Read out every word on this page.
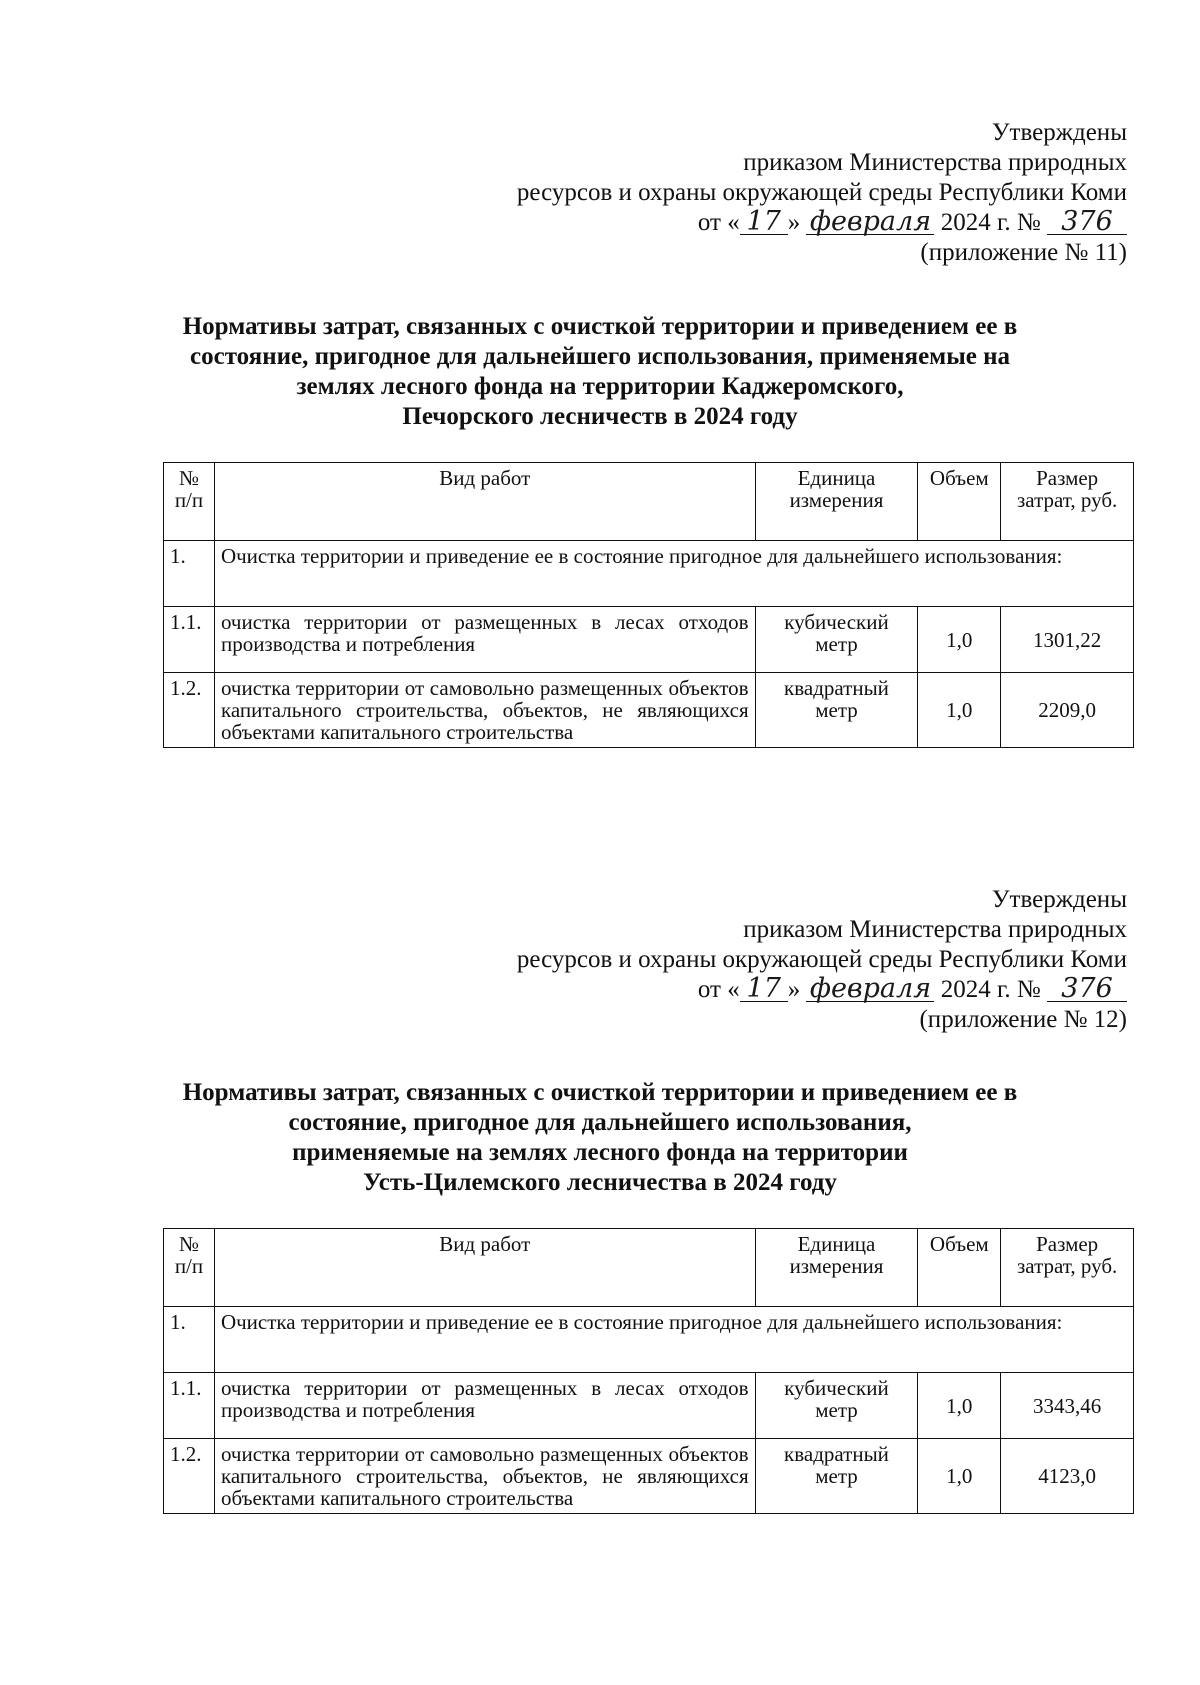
Утверждены
приказом Министерства природных
ресурсов и охраны окружающей среды Республики Коми
от « 17 » февраля 2024 г. № 376
(приложение № 11)
Нормативы затрат, связанных с очисткой территории и приведением ее в
состояние, пригодное для дальнейшего использования, применяемые на
землях лесного фонда на территории Каджеромского,
Печорского лесничеств в 2024 году
№ п/п	Вид работ	Единица измерения	Объем	Размер затрат, руб.
1.	Очистка территории и приведение ее в состояние пригодное для дальнейшего использования:			
1.1.	очистка территории от размещенных в лесах отходов производства и потребления	кубический метр	1,0	1301,22
1.2.	очистка территории от самовольно размещенных объектов капитального строительства, объектов, не являющихся объектами капитального строительства	квадратный метр	1,0	2209,0
Утверждены
приказом Министерства природных
ресурсов и охраны окружающей среды Республики Коми
от « 17 » февраля 2024 г. № 376
(приложение № 12)
Нормативы затрат, связанных с очисткой территории и приведением ее в
состояние, пригодное для дальнейшего использования,
применяемые на землях лесного фонда на территории
Усть-Цилемского лесничества в 2024 году
№ п/п	Вид работ	Единица измерения	Объем	Размер затрат, руб.
1.	Очистка территории и приведение ее в состояние пригодное для дальнейшего использования:			
1.1.	очистка территории от размещенных в лесах отходов производства и потребления	кубический метр	1,0	3343,46
1.2.	очистка территории от самовольно размещенных объектов капитального строительства, объектов, не являющихся объектами капитального строительства	квадратный метр	1,0	4123,0
